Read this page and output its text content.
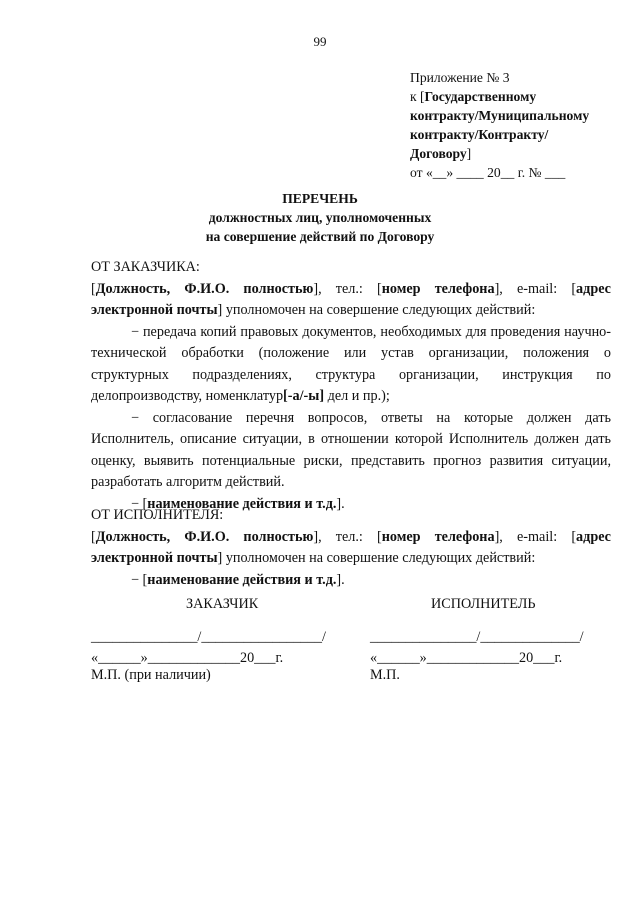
99
Приложение № 3
к [Государственному
контракту/Муниципальному
контракту/Контракту/
Договору]
от «__» ____ 20__ г. № ___
ПЕРЕЧЕНЬ
должностных лиц, уполномоченных
на совершение действий по Договору
ОТ ЗАКАЗЧИКА:
[Должность, Ф.И.О. полностью], тел.: [номер телефона], e-mail: [адрес электронной почты] уполномочен на совершение следующих действий:
− передача копий правовых документов, необходимых для проведения научно-технической обработки (положение или устав организации, положения о структурных подразделениях, структура организации, инструкция по делопроизводству, номенклатур[-а/-ы] дел и пр.);
− согласование перечня вопросов, ответы на которые должен дать Исполнитель, описание ситуации, в отношении которой Исполнитель должен дать оценку, выявить потенциальные риски, представить прогноз развития ситуации, разработать алгоритм действий.
− [наименование действия и т.д.].
ОТ ИСПОЛНИТЕЛЯ:
[Должность, Ф.И.О. полностью], тел.: [номер телефона], e-mail: [адрес электронной почты] уполномочен на совершение следующих действий:
− [наименование действия и т.д.].
ЗАКАЗЧИК	ИСПОЛНИТЕЛЬ
_______________/_________________/	_______________/______________/
«______»_____________20___г.	«______»_____________20___г.
М.П. (при наличии)	М.П.
